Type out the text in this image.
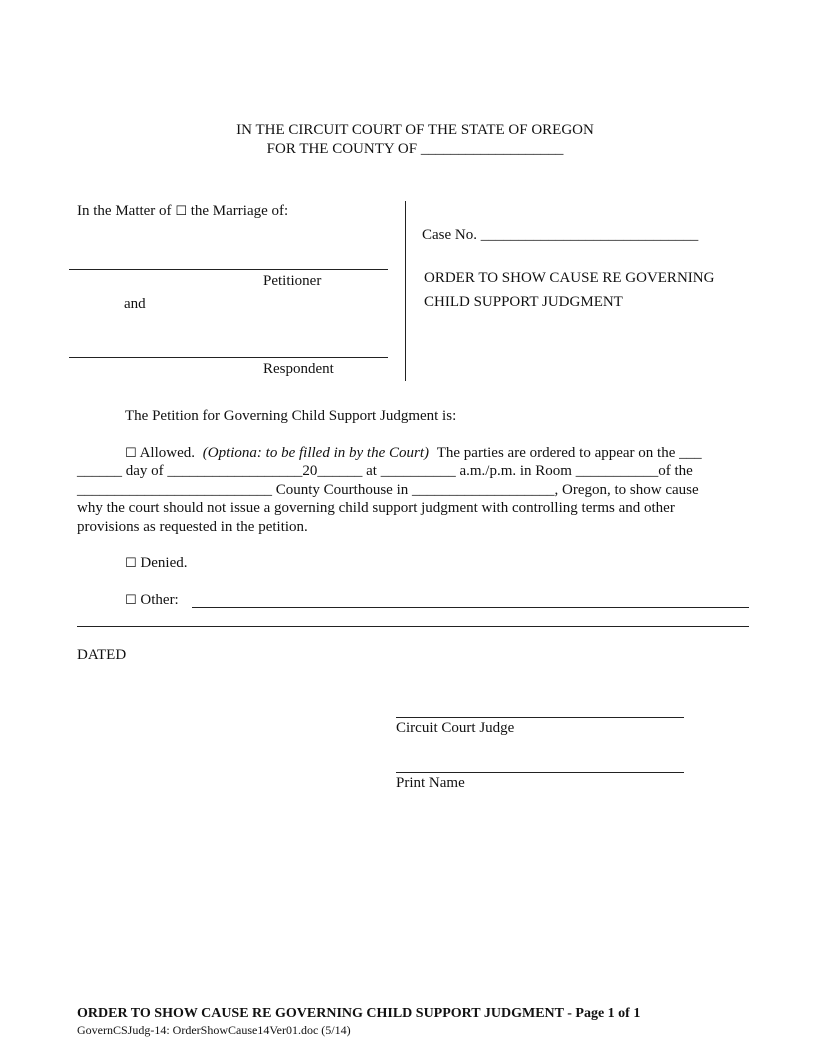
IN THE CIRCUIT COURT OF THE STATE OF OREGON
FOR THE COUNTY OF ___________________
In the Matter of ☐ the Marriage of:
Petitioner
and
Respondent
Case No. _____________________________
ORDER TO SHOW CAUSE RE GOVERNING
CHILD SUPPORT JUDGMENT
The Petition for Governing Child Support Judgment is:
☐ Allowed. (Optiona: to be filled in by the Court) The parties are ordered to appear on the ___
______ day of __________________20______ at __________ a.m./p.m. in Room ___________of the
__________________________ County Courthouse in ___________________, Oregon, to show cause
why the court should not issue a governing child support judgment with controlling terms and other
provisions as requested in the petition.
☐ Denied.
☐ Other:
DATED
Circuit Court Judge
Print Name
ORDER TO SHOW CAUSE RE GOVERNING CHILD SUPPORT JUDGMENT - Page 1 of 1
GovernCSJudg-14: OrderShowCause14Ver01.doc (5/14)
